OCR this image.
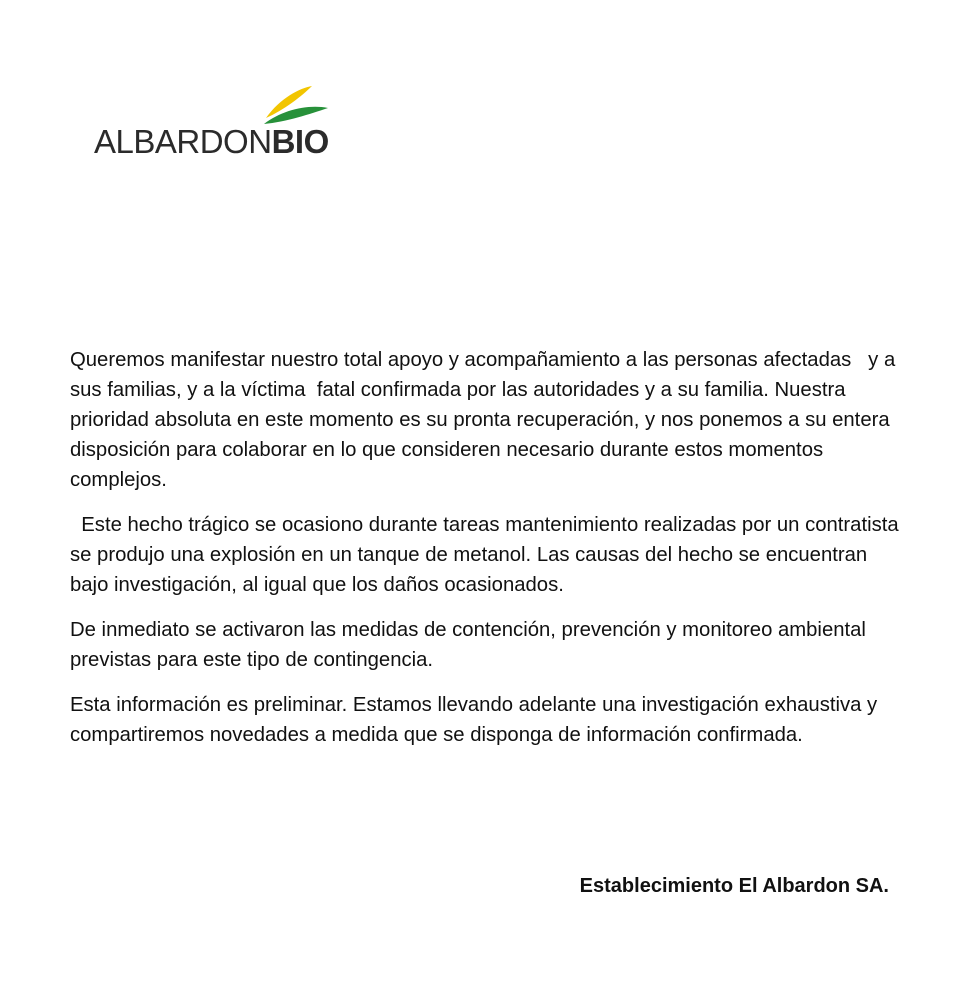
ALBARDONBIO

Queremos manifestar nuestro total apoyo y acompañamiento a las personas afectadas   y a sus familias, y a la víctima  fatal confirmada por las autoridades y a su familia. Nuestra prioridad absoluta en este momento es su pronta recuperación, y nos ponemos a su entera disposición para colaborar en lo que consideren necesario durante estos momentos complejos.

Este hecho trágico se ocasiono durante tareas mantenimiento realizadas por un contratista se produjo una explosión en un tanque de metanol. Las causas del hecho se encuentran bajo investigación, al igual que los daños ocasionados.

De inmediato se activaron las medidas de contención, prevención y monitoreo ambiental previstas para este tipo de contingencia.

Esta información es preliminar. Estamos llevando adelante una investigación exhaustiva y compartiremos novedades a medida que se disponga de información confirmada.

Establecimiento El Albardon SA.
